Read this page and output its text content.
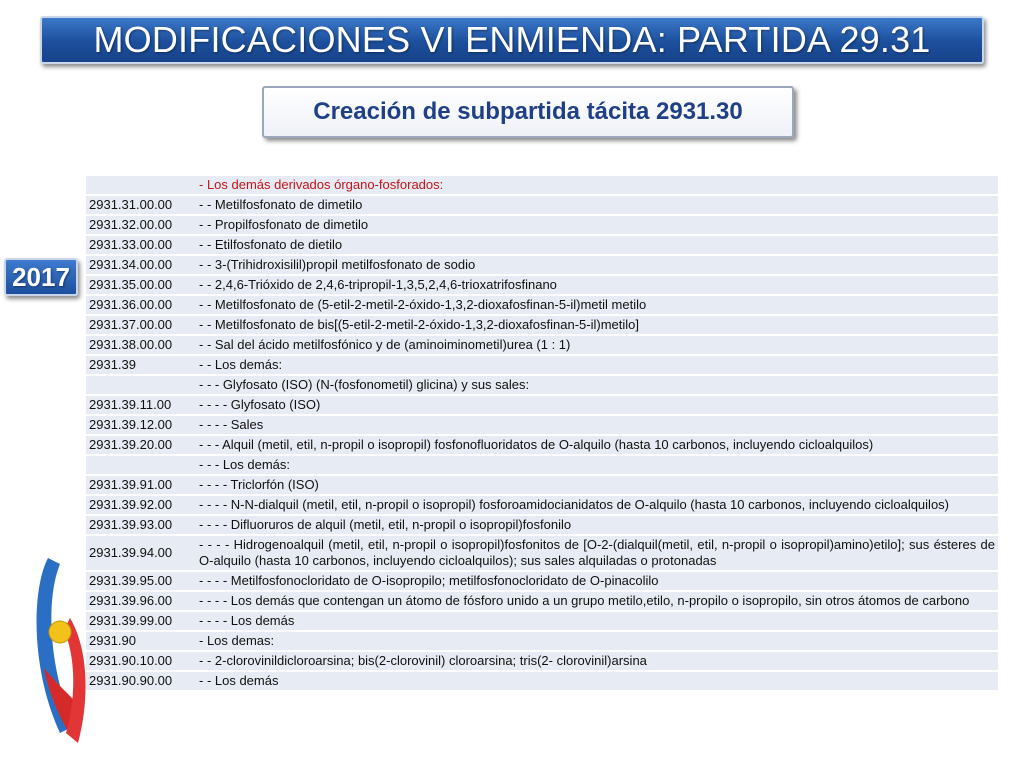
MODIFICACIONES VI ENMIENDA: PARTIDA 29.31
Creación de subpartida tácita 2931.30
2017
	- Los demás derivados órgano-fosforados:
2931.31.00.00	- - Metilfosfonato de dimetilo
2931.32.00.00	- - Propilfosfonato de dimetilo
2931.33.00.00	- - Etilfosfonato de dietilo
2931.34.00.00	- - 3-(Trihidroxisilil)propil metilfosfonato de sodio
2931.35.00.00	- - 2,4,6-Trióxido de 2,4,6-tripropil-1,3,5,2,4,6-trioxatrifosfinano
2931.36.00.00	- - Metilfosfonato de (5-etil-2-metil-2-óxido-1,3,2-dioxafosfinan-5-il)metil metilo
2931.37.00.00	- - Metilfosfonato de bis[(5-etil-2-metil-2-óxido-1,3,2-dioxafosfinan-5-il)metilo]
2931.38.00.00	- - Sal del ácido metilfosfónico y de (aminoiminometil)urea (1 : 1)
2931.39	- - Los demás:
	- - - Glyfosato (ISO) (N-(fosfonometil) glicina) y sus sales:
2931.39.11.00	- - - - Glyfosato (ISO)
2931.39.12.00	- - - - Sales
2931.39.20.00	- - - Alquil (metil, etil, n-propil o isopropil) fosfonofluoridatos de O-alquilo (hasta 10 carbonos, incluyendo cicloalquilos)
	- - - Los demás:
2931.39.91.00	- - - - Triclorfón (ISO)
2931.39.92.00	- - - - N-N-dialquil (metil, etil, n-propil o isopropil) fosforoamidocianidatos de O-alquilo (hasta 10 carbonos, incluyendo cicloalquilos)
2931.39.93.00	- - - - Difluoruros de alquil (metil, etil, n-propil o isopropil)fosfonilo
2931.39.94.00	- - - - Hidrogenoalquil (metil, etil, n-propil o isopropil)fosfonitos de [O-2-(dialquil(metil, etil, n-propil o isopropil)amino)etilo]; sus ésteres de O-alquilo (hasta 10 carbonos, incluyendo cicloalquilos); sus sales alquiladas o protonadas
2931.39.95.00	- - - - Metilfosfonocloridato de O-isopropilo; metilfosfonocloridato de O-pinacolilo
2931.39.96.00	- - - - Los demás que contengan un átomo de fósforo unido a un grupo metilo,etilo, n-propilo o isopropilo, sin otros átomos de carbono
2931.39.99.00	- - - - Los demás
2931.90	- Los demas:
2931.90.10.00	- - 2-clorovinildicloroarsina; bis(2-clorovinil) cloroarsina; tris(2- clorovinil)arsina
2931.90.90.00	- - Los demás
